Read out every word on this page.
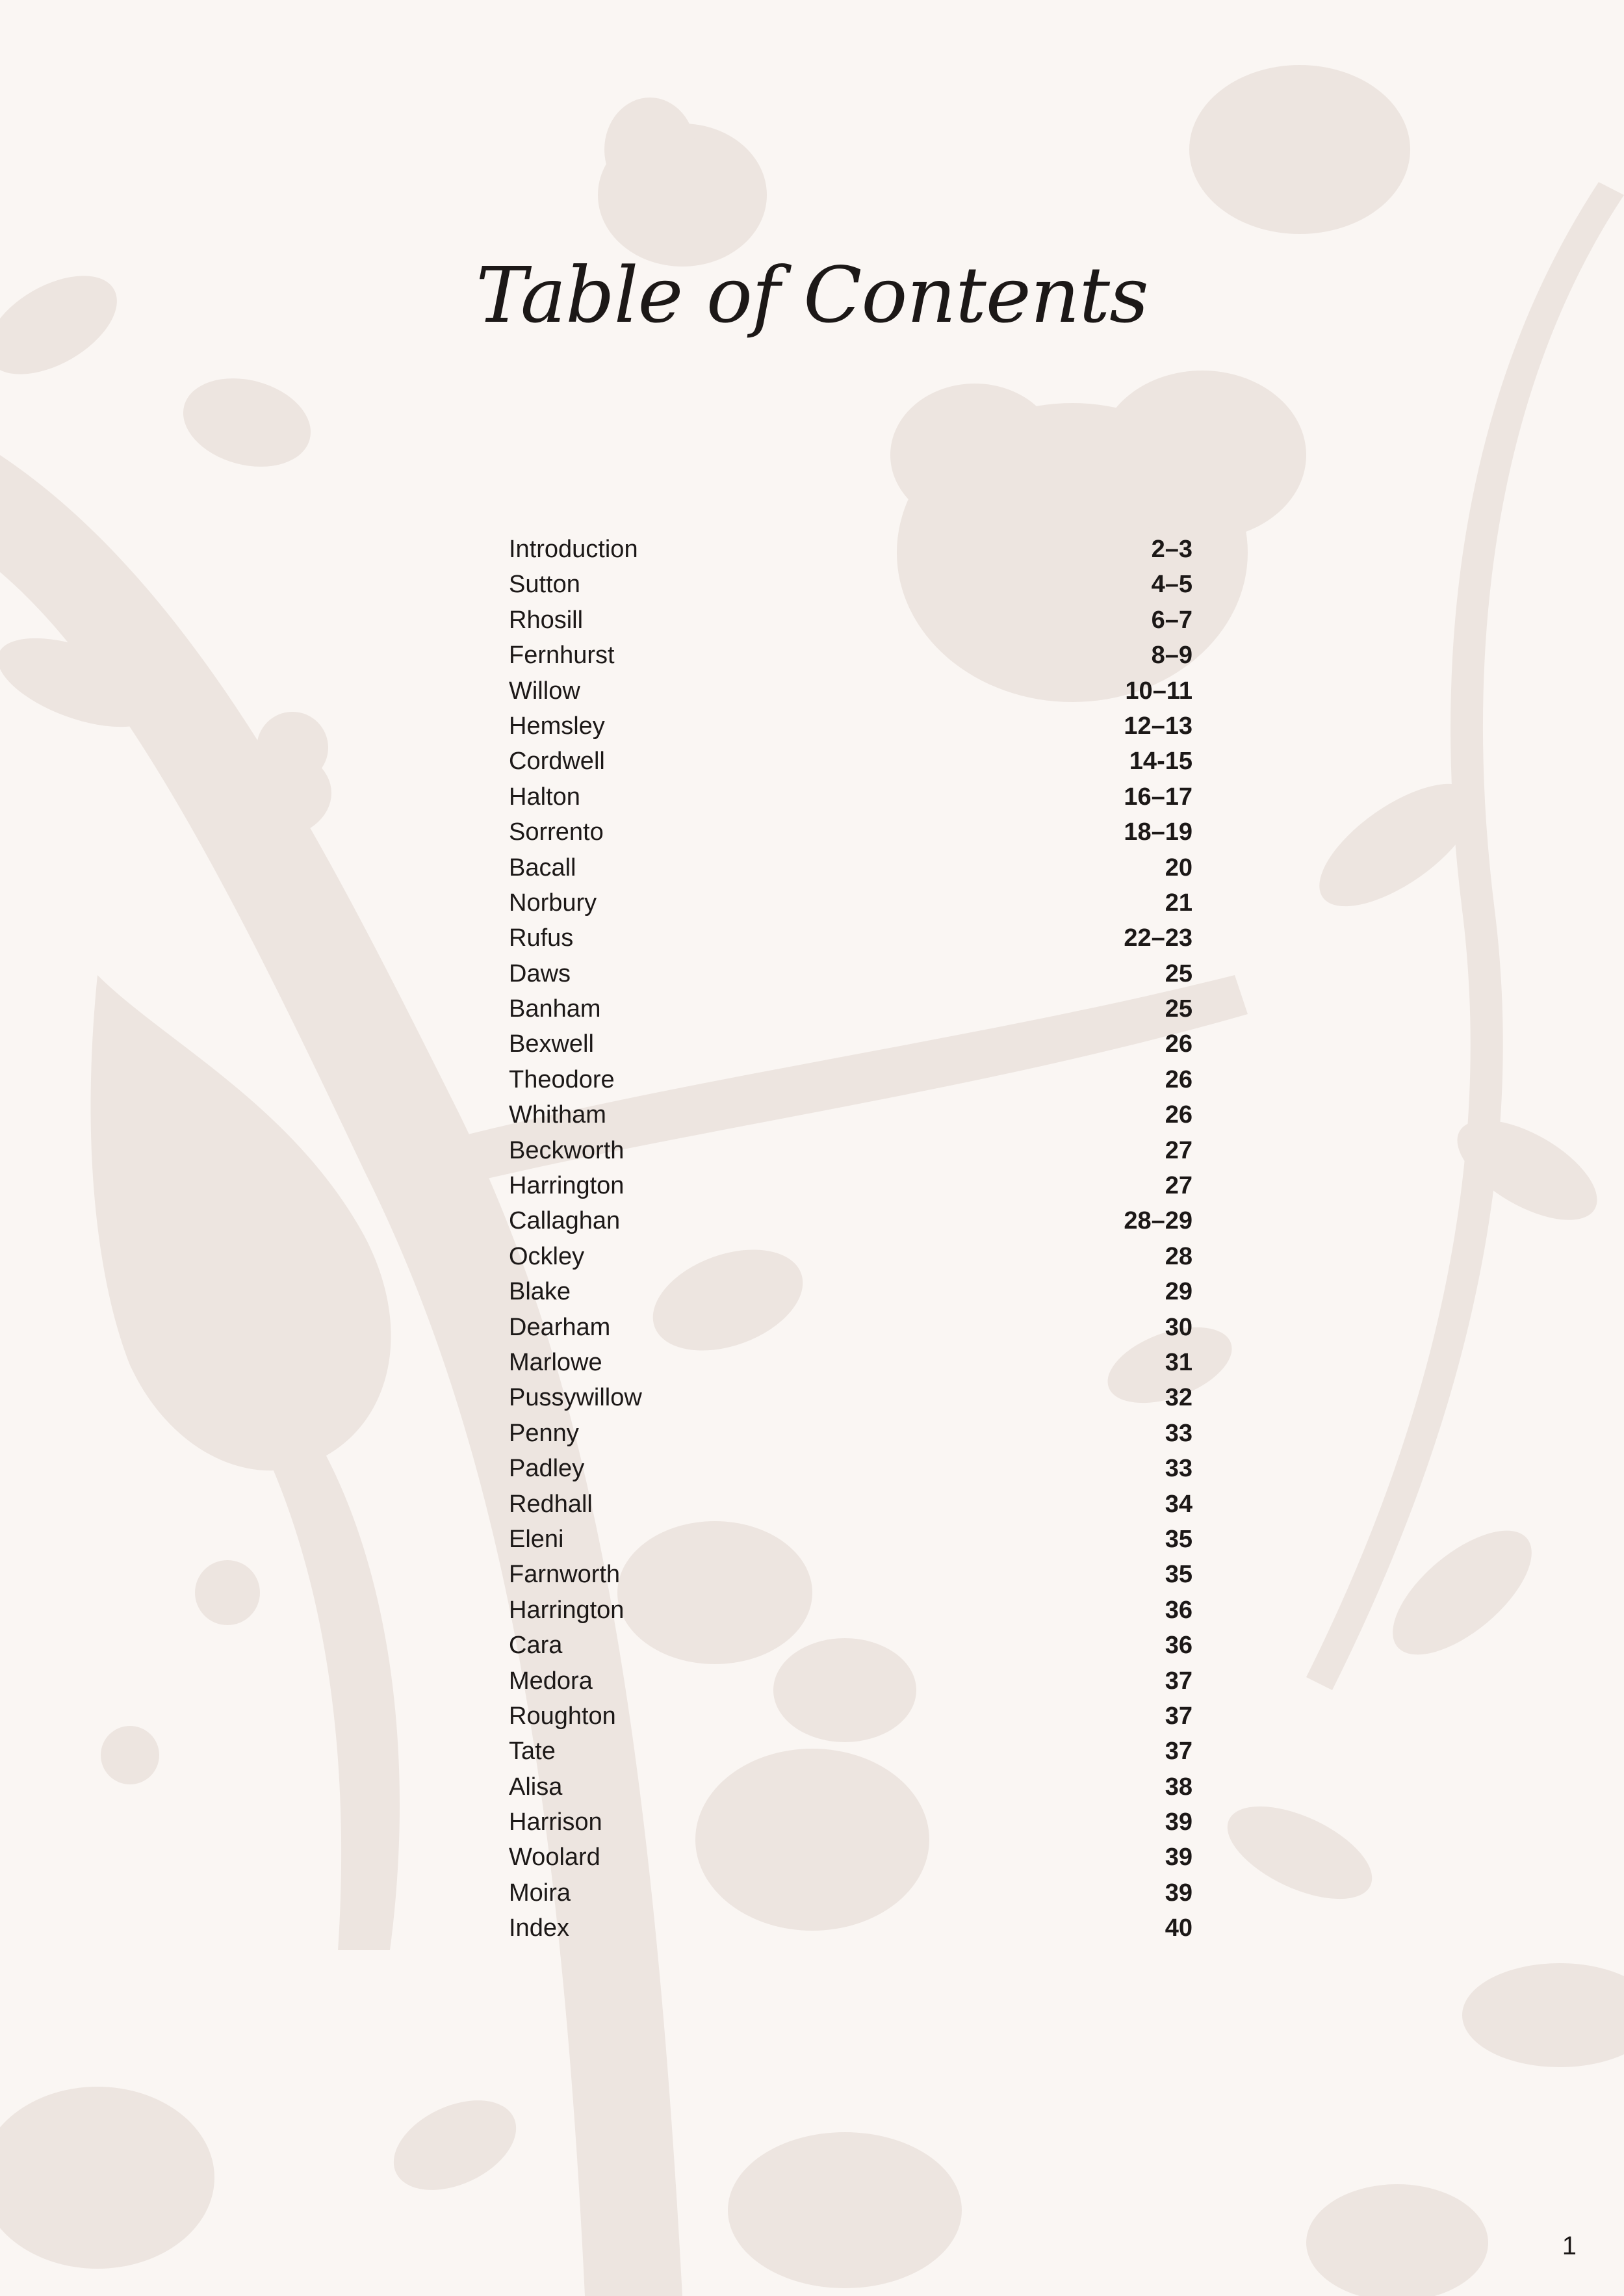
Table of Contents
Introduction	2–3
Sutton	4–5
Rhosill	6–7
Fernhurst	8–9
Willow	10–11
Hemsley	12–13
Cordwell	14-15
Halton	16–17
Sorrento	18–19
Bacall	20
Norbury	21
Rufus	22–23
Daws	25
Banham	25
Bexwell	26
Theodore	26
Whitham	26
Beckworth	27
Harrington	27
Callaghan	28–29
Ockley	28
Blake	29
Dearham	30
Marlowe	31
Pussywillow	32
Penny	33
Padley	33
Redhall	34
Eleni	35
Farnworth	35
Harrington	36
Cara	36
Medora	37
Roughton	37
Tate	37
Alisa	38
Harrison	39
Woolard	39
Moira	39
Index	40
1
